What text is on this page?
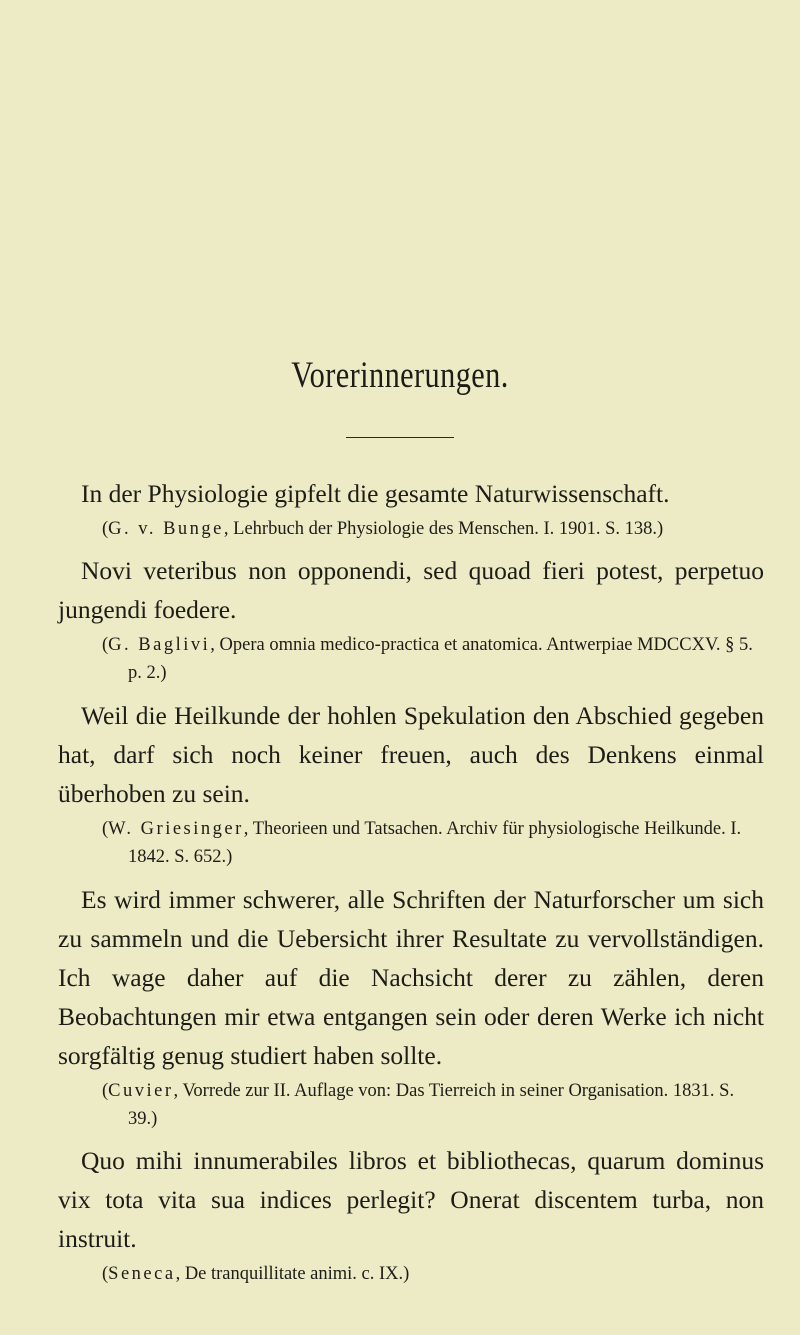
Vorerinnerungen.

In der Physiologie gipfelt die gesamte Naturwissenschaft.

(G. v. Bunge, Lehrbuch der Physiologie des Menschen. I. 1901. S. 138.)

Novi veteribus non opponendi, sed quoad fieri potest, perpetuo jungendi foedere.

(G. Baglivi, Opera omnia medico-practica et anatomica. Antwerpiae MDCCXV. § 5. p. 2.)

Weil die Heilkunde der hohlen Spekulation den Abschied gegeben hat, darf sich noch keiner freuen, auch des Denkens einmal überhoben zu sein.

(W. Griesinger, Theorieen und Tatsachen. Archiv für physiologische Heilkunde. I. 1842. S. 652.)

Es wird immer schwerer, alle Schriften der Naturforscher um sich zu sammeln und die Uebersicht ihrer Resultate zu vervollständigen. Ich wage daher auf die Nachsicht derer zu zählen, deren Beobachtungen mir etwa entgangen sein oder deren Werke ich nicht sorgfältig genug studiert haben sollte.

(Cuvier, Vorrede zur II. Auflage von: Das Tierreich in seiner Organisation. 1831. S. 39.)

Quo mihi innumerabiles libros et bibliothecas, quarum dominus vix tota vita sua indices perlegit? Onerat discentem turba, non instruit.

(Seneca, De tranquillitate animi. c. IX.)
